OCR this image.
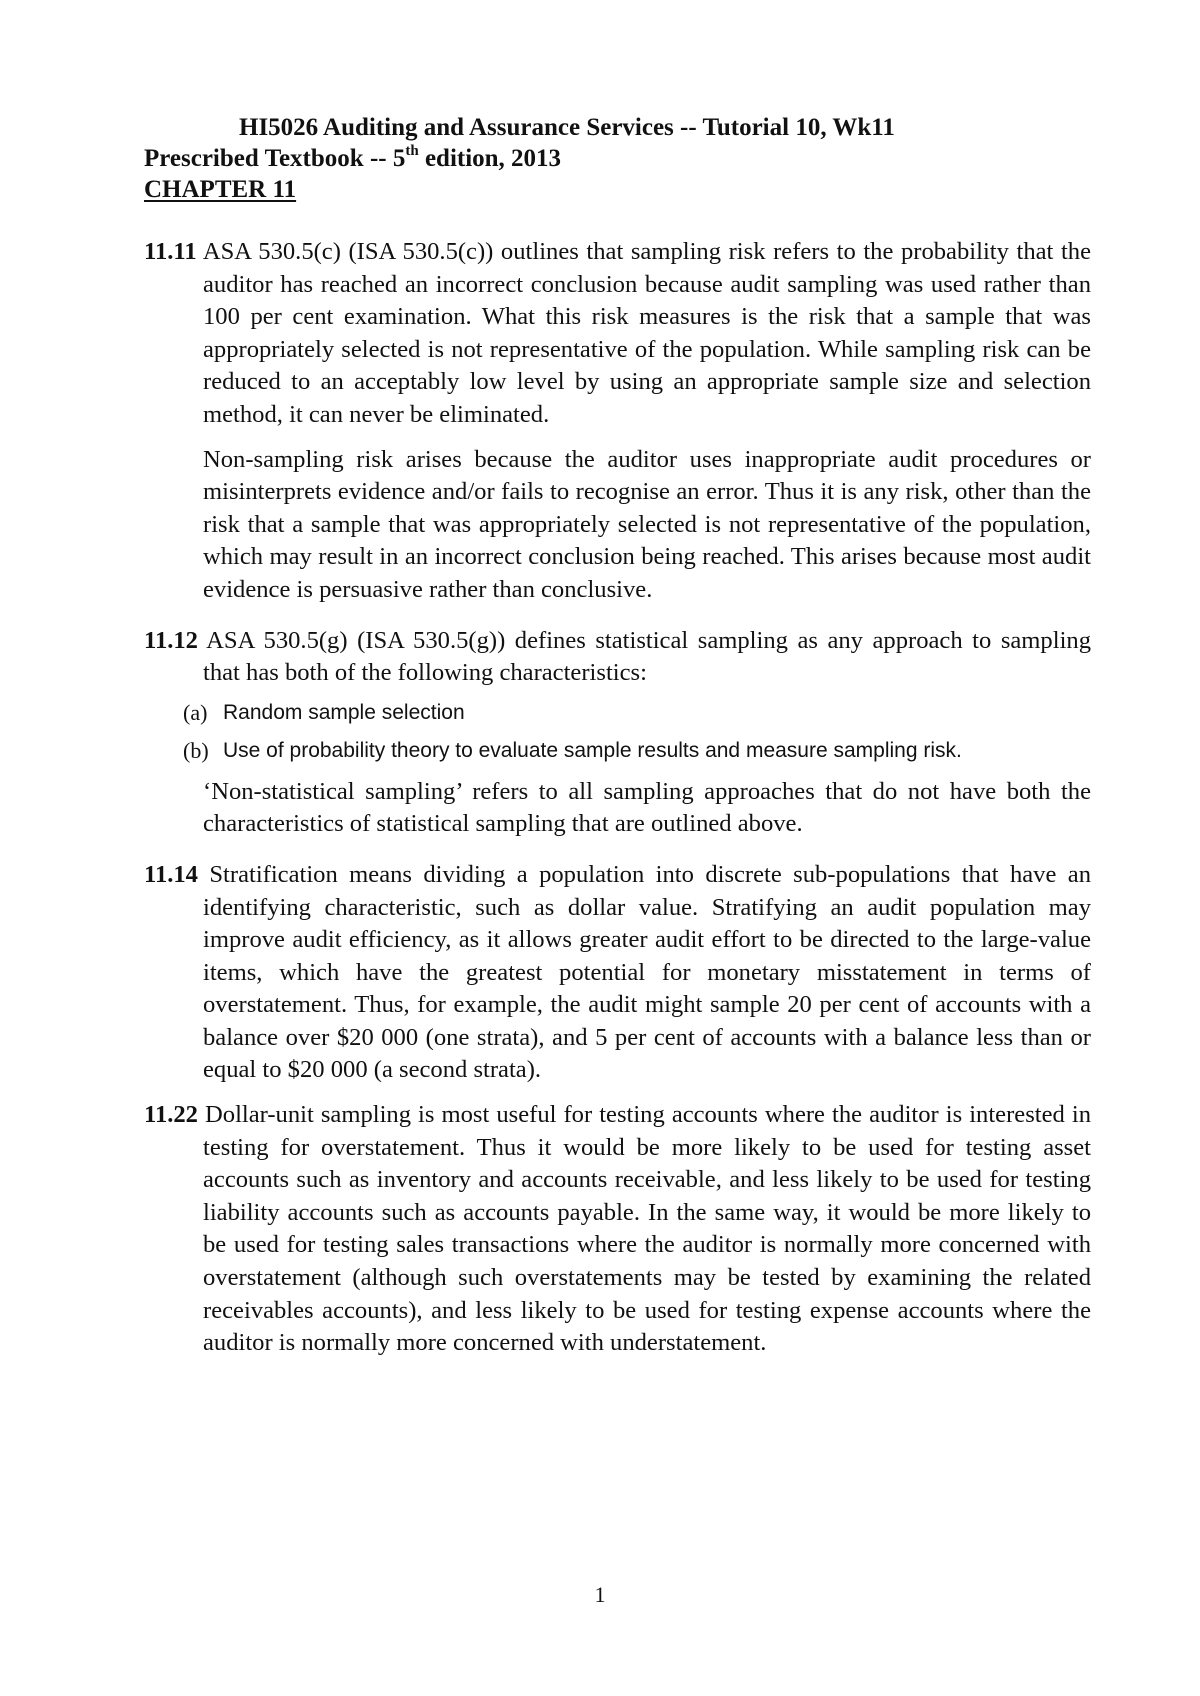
HI5026 Auditing and Assurance Services -- Tutorial 10, Wk11
Prescribed Textbook -- 5th edition, 2013
CHAPTER 11

11.11 ASA 530.5(c) (ISA 530.5(c)) outlines that sampling risk refers to the probability that the auditor has reached an incorrect conclusion because audit sampling was used rather than 100 per cent examination. What this risk measures is the risk that a sample that was appropriately selected is not representative of the population. While sampling risk can be reduced to an acceptably low level by using an appropriate sample size and selection method, it can never be eliminated.

Non-sampling risk arises because the auditor uses inappropriate audit procedures or misinterprets evidence and/or fails to recognise an error. Thus it is any risk, other than the risk that a sample that was appropriately selected is not representative of the population, which may result in an incorrect conclusion being reached. This arises because most audit evidence is persuasive rather than conclusive.

11.12 ASA 530.5(g) (ISA 530.5(g)) defines statistical sampling as any approach to sampling that has both of the following characteristics:

(a) Random sample selection
(b) Use of probability theory to evaluate sample results and measure sampling risk.

‘Non-statistical sampling’ refers to all sampling approaches that do not have both the characteristics of statistical sampling that are outlined above.

11.14 Stratification means dividing a population into discrete sub-populations that have an identifying characteristic, such as dollar value. Stratifying an audit population may improve audit efficiency, as it allows greater audit effort to be directed to the large-value items, which have the greatest potential for monetary misstatement in terms of overstatement. Thus, for example, the audit might sample 20 per cent of accounts with a balance over $20 000 (one strata), and 5 per cent of accounts with a balance less than or equal to $20 000 (a second strata).

11.22 Dollar-unit sampling is most useful for testing accounts where the auditor is interested in testing for overstatement. Thus it would be more likely to be used for testing asset accounts such as inventory and accounts receivable, and less likely to be used for testing liability accounts such as accounts payable. In the same way, it would be more likely to be used for testing sales transactions where the auditor is normally more concerned with overstatement (although such overstatements may be tested by examining the related receivables accounts), and less likely to be used for testing expense accounts where the auditor is normally more concerned with understatement.

1
